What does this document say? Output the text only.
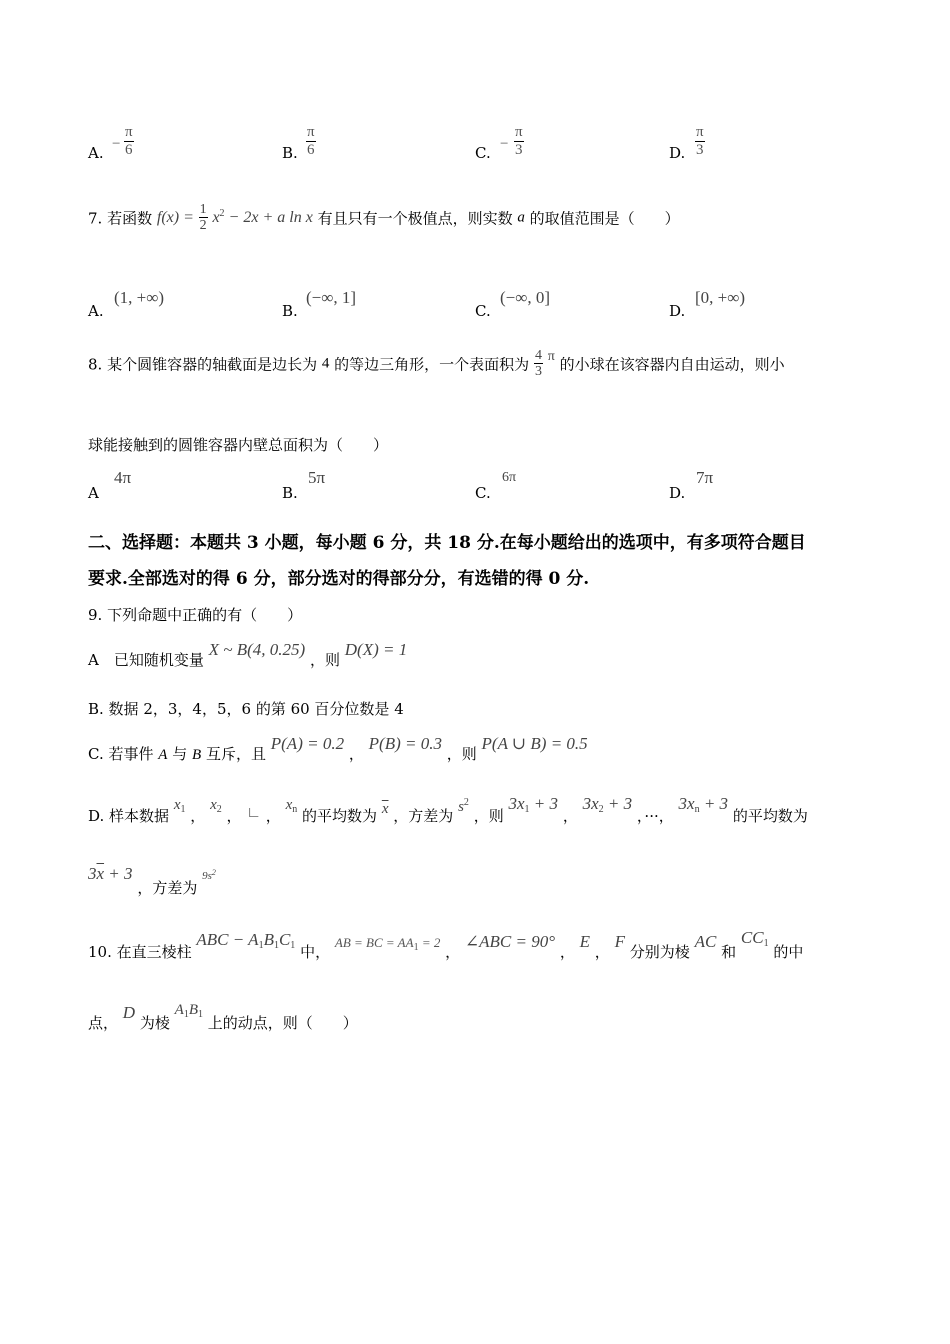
A. − $\frac{\pi}{6}$	B. $\frac{\pi}{6}$	C. − $\frac{\pi}{3}$	D. $\frac{\pi}{3}$
7. 若函数 $f(x) = \frac{1}{2} x^2 - 2x + a$ ln x 有且只有一个极值点，则实数 a 的取值范围是（　　）
A.
(1, +∞)
B.
(−∞, 1]
C.
(−∞, 0]
D.
[0, +∞)
8. 某个圆锥容器的轴截面是边长为 4 的等边三角形，一个表面积为 $\frac{4}{3}$ π 的小球在该容器内自由运动，则小
球能接触到的圆锥容器内壁总面积为（　　）
A
4π
B.
5π
C.
6π
D.
7π
二、选择题：本题共 3 小题，每小题 6 分，共 18 分.在每小题给出的选项中，有多项符合题目
要求.全部选对的得 6 分，部分选对的得部分分，有选错的得 0 分.
9. 下列命题中正确的有（　　）
A　已知随机变量 X ~ B(4, 0.25) ，则 D(X) = 1
B. 数据 2，3，4，5，6 的第 60 百分位数是 4
C. 若事件 A 与 B 互斥，且 P(A) = 0.2 ， P(B) = 0.3 ，则 P(A ∪ B) = 0.5
D. 样本数据 $x_1$ ， $x_2$ ， ∟ ， $x_n$ 的平均数为 $\overline{x}$ ，方差为 $s^2$ ，则 $3x_1 + 3$ ， $3x_2 + 3$ ，···， $3x_n + 3$ 的平均数为
$3\overline{x} + 3$ ，方差为 $^{9s^2}$
10. 在直三棱柱 ABC − $A_1B_1C_1$ 中， AB = BC = $AA_1 = 2$ ， ∠ABC = 90° ， E ， F 分别为棱 AC 和 $CC_1$ 的中
点， D 为棱 $A_1B_1$ 上的动点，则（　　）
